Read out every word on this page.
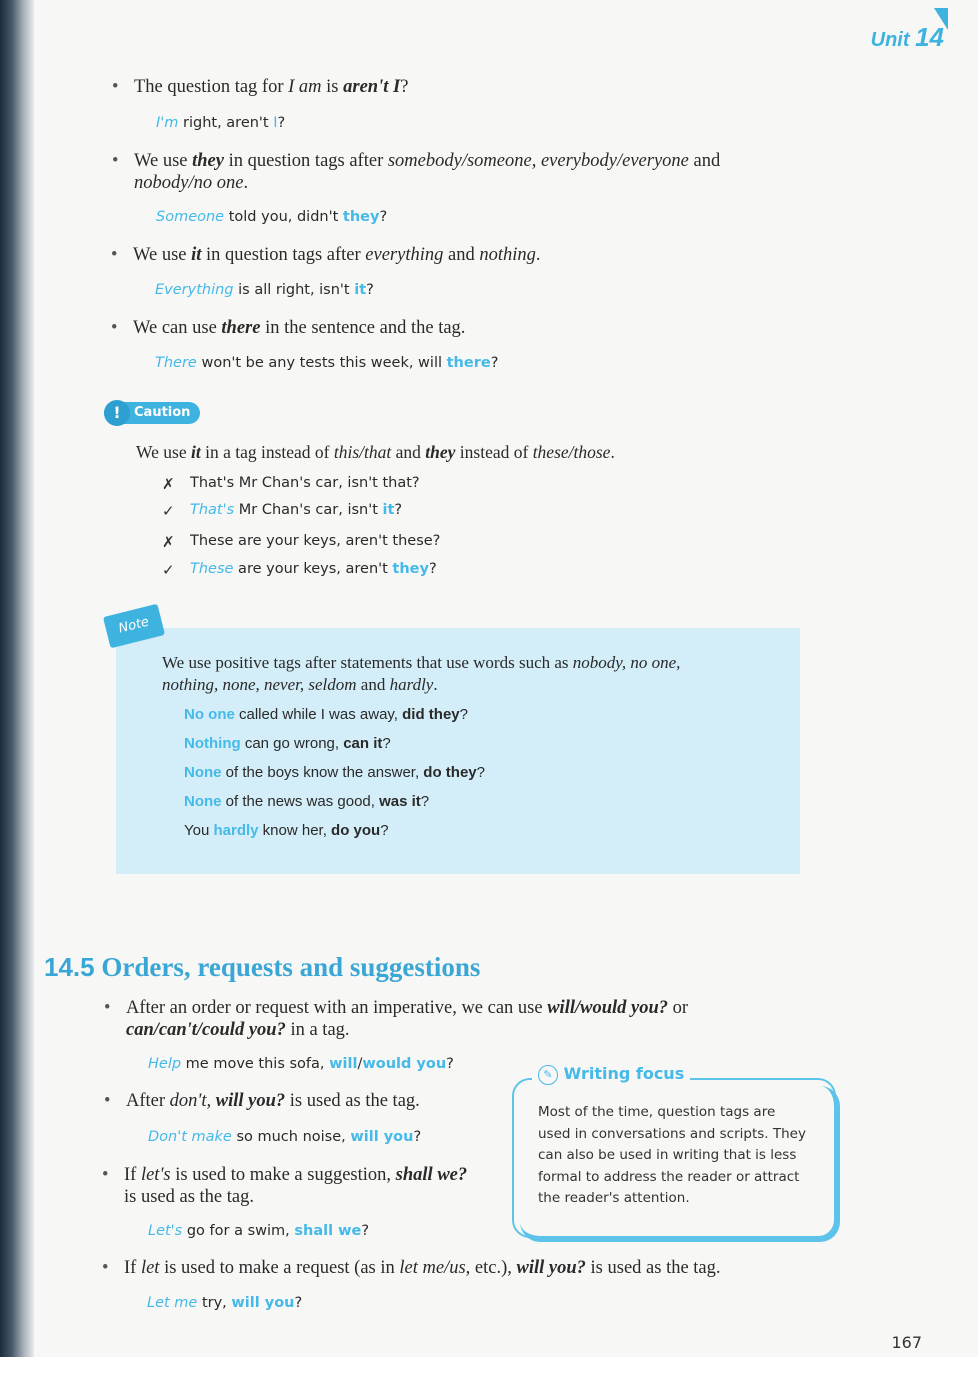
Unit 14
• The question tag for I am is aren't I?
I'm right, aren't I?
• We use they in question tags after somebody/someone, everybody/everyone and
nobody/no one.
Someone told you, didn't they?
• We use it in question tags after everything and nothing.
Everything is all right, isn't it?
• We can use there in the sentence and the tag.
There won't be any tests this week, will there?
!	Caution
We use it in a tag instead of this/that and they instead of these/those.
✗ That's Mr Chan's car, isn't that?
✓ That's Mr Chan's car, isn't it?
✗ These are your keys, aren't these?
✓ These are your keys, aren't they?
Note
We use positive tags after statements that use words such as nobody, no one,
nothing, none, never, seldom and hardly.
No one called while I was away, did they?
Nothing can go wrong, can it?
None of the boys know the answer, do they?
None of the news was good, was it?
You hardly know her, do you?
14.5 Orders, requests and suggestions
• After an order or request with an imperative, we can use will/would you? or
can/can't/could you? in a tag.
Help me move this sofa, will/would you?
• After don't, will you? is used as the tag.
Don't make so much noise, will you?
• If let's is used to make a suggestion, shall we?
is used as the tag.
Let's go for a swim, shall we?
• If let is used to make a request (as in let me/us, etc.), will you? is used as the tag.
Let me try, will you?
✎ Writing focus
Most of the time, question tags are used in conversations and scripts. They can also be used in writing that is less formal to address the reader or attract the reader's attention.
167
